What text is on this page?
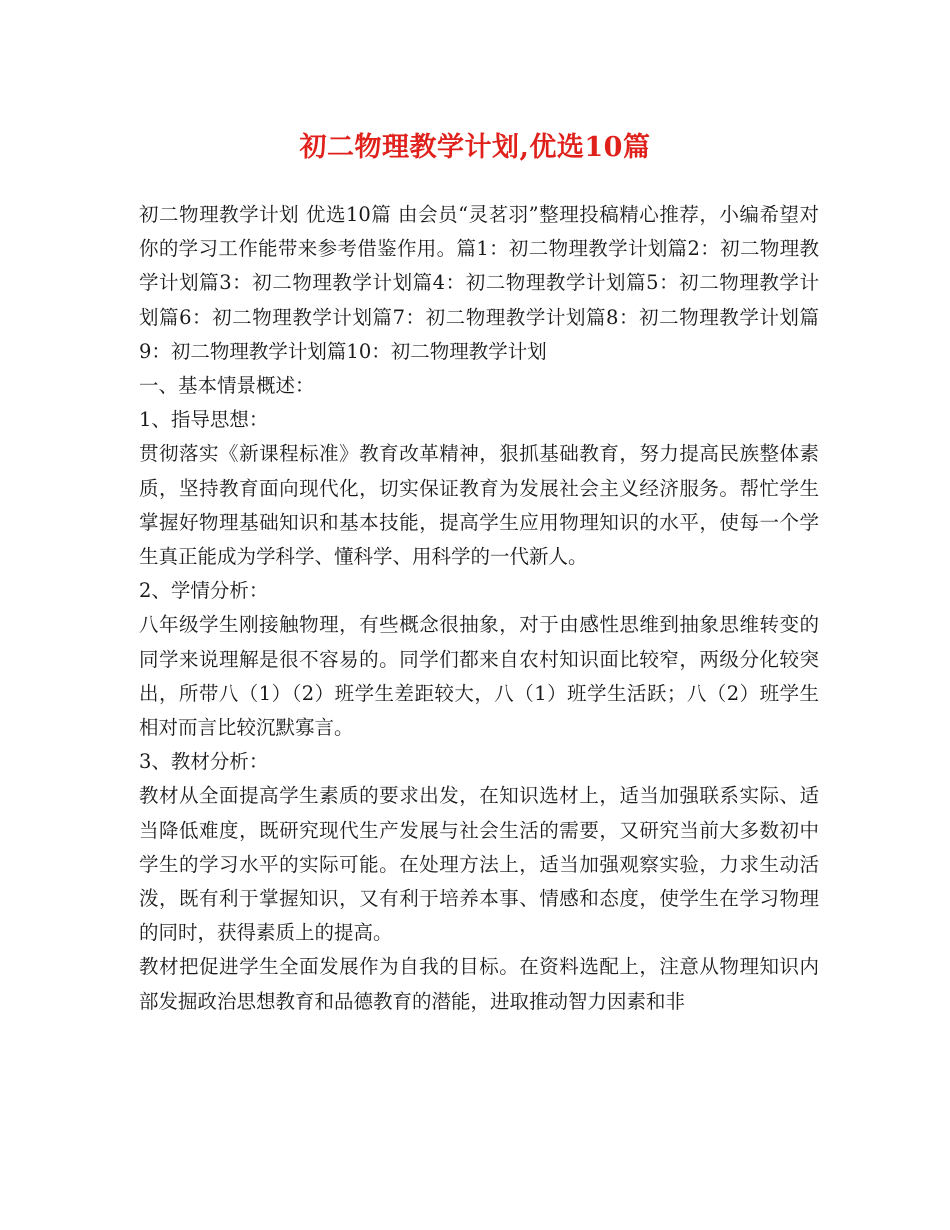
初二物理教学计划,优选10篇

初二物理教学计划 优选10篇 由会员“灵茗羽”整理投稿精心推荐，小编希望对你的学习工作能带来参考借鉴作用。篇1：初二物理教学计划篇2：初二物理教学计划篇3：初二物理教学计划篇4：初二物理教学计划篇5：初二物理教学计划篇6：初二物理教学计划篇7：初二物理教学计划篇8：初二物理教学计划篇9：初二物理教学计划篇10：初二物理教学计划

一、基本情景概述：

1、指导思想：

贯彻落实《新课程标准》教育改革精神，狠抓基础教育，努力提高民族整体素质，坚持教育面向现代化，切实保证教育为发展社会主义经济服务。帮忙学生掌握好物理基础知识和基本技能，提高学生应用物理知识的水平，使每一个学生真正能成为学科学、懂科学、用科学的一代新人。

2、学情分析：

八年级学生刚接触物理，有些概念很抽象，对于由感性思维到抽象思维转变的同学来说理解是很不容易的。同学们都来自农村知识面比较窄，两级分化较突出，所带八（1）（2）班学生差距较大，八（1）班学生活跃；八（2）班学生相对而言比较沉默寡言。

3、教材分析：

教材从全面提高学生素质的要求出发，在知识选材上，适当加强联系实际、适当降低难度，既研究现代生产发展与社会生活的需要，又研究当前大多数初中学生的学习水平的实际可能。在处理方法上，适当加强观察实验，力求生动活泼，既有利于掌握知识，又有利于培养本事、情感和态度，使学生在学习物理的同时，获得素质上的提高。

教材把促进学生全面发展作为自我的目标。在资料选配上，注意从物理知识内部发掘政治思想教育和品德教育的潜能，进取推动智力因素和非
